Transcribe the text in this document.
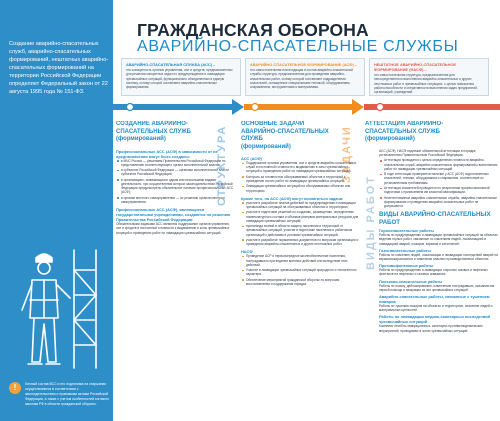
Создание аварийно-спасательных служб, аварийно-спасательных формирований, нештатных аварийно-спасательных формирований на территории Российской Федерации определяет Федеральный закон от 22 августа 1995 года № 151-ФЗ.
!	Личный состав ВСС и его подготовка на старшинах осуществляются в соответствии с законодательством и правовыми актами Российской Федерации, а также с учетом особенностей согласно законам РФ в области гражданской обороны.
ГРАЖДАНСКАЯ ОБОРОНА
АВАРИЙНО-СПАСАТЕЛЬНЫЕ СЛУЖБЫ
АВАРИЙНО-СПАСАТЕЛЬНАЯ СЛУЖБА (АСС) –
это совокупность органов управления, сил и средств, предназначенных для решения конкретных задач по предупреждению и ликвидации чрезвычайных ситуаций, функционально объединенных в единую систему, основу которой составляют аварийно-спасательные формирования.
АВАРИЙНО-СПАСАТЕЛЬНОЕ ФОРМИРОВАНИЕ (АСФ) –
это самостоятельная или входящая в состав аварийно-спасательной службы структура, предназначенная для проведения аварийно-спасательных работ, основу которой составляют подразделения спасателей, оснащенные специальными техникой, оборудованием, снаряжением, инструментами и материалами.
НЕШТАТНОЕ АВАРИЙНО-СПАСАТЕЛЬНОЕ ФОРМИРОВАНИЕ (НАСФ) –
это самостоятельная структура, предназначенная для непосредственного выполнения аварийно-спасательных и других неотложных работ в чрезвычайных ситуациях, с целью повышения работоспособности и оперативности выполнения задач предприятий, организаций, учреждений.
СТРУКТУРА	ЗАДАЧИ
ВИДЫ РАБОТ
СОЗДАНИЕ АВАРИЙНО-СПАСАТЕЛЬНЫХ СЛУЖБ
(формирований)
Профессиональные АСС (АСФ) в зависимости от их предназначения могут быть созданы:
в МЧС России — решением Правительства Российской Федерации по представлению соответствующего органа исполнительной власти;
в субъектах Российской Федерации — органами исполнительной власти субъектов Российской Федерации;
в организациях, занимающихся одним или несколькими видами деятельности, при осуществлении которых законодательством Российской Федерации предусмотрено обязательное наличие профессиональных АСС (АСФ);
в органах местного самоуправления — по решению органов местного самоуправления.
Профессиональные АСС (АСФ), являющиеся государственными учреждениями, создаются по решению Правительства Российской Федерации.
Обязательными задачами АСС являются поддержание органов управления, сил и средств в постоянной готовности к выдвижению в зоны чрезвычайных ситуаций и проведению работ по ликвидации чрезвычайных ситуаций.
ОСНОВНЫЕ ЗАДАЧИ АВАРИЙНО-СПАСАТЕЛЬНЫХ СЛУЖБ
(формирований)
АСС (АСФ)
Поддержание органов управления, сил и средств аварийно-спасательных служб в постоянной готовности к выдвижению в зоны чрезвычайных ситуаций и проведению работ по ликвидации чрезвычайных ситуаций.
Контроль за готовностью обслуживаемых объектов и территорий к проведению на них работ по ликвидации чрезвычайных ситуаций.
Ликвидация чрезвычайных ситуаций на обслуживаемых объектах или территориях.
Кроме того, на АСС (АСФ) могут возлагаться задачи:
участие в разработке планов действий по предупреждению и ликвидации чрезвычайных ситуаций на обслуживаемых объектах и территориях;
участие в подготовке решений по созданию, размещению, определению номенклатурного состава и объемов резервов материальных ресурсов для ликвидации чрезвычайных ситуаций;
пропаганда знаний в области защиты населения и территорий от чрезвычайных ситуаций, участие в подготовке населения и работников организаций к действиям в условиях чрезвычайных ситуаций;
участие в разработке нормативных документов по вопросам организации и проведения аварийно-спасательных и других неотложных работ.
НАСФ
Проведение АСР и первоочередное жизнеобеспечение населения, пострадавшего при ведении военных действий или вследствие этих действий.
Участие в ликвидации чрезвычайных ситуаций природного и техногенного характера.
Обеспечение мероприятий гражданской обороны по вопросам восстановления и поддержания порядка.
АТТЕСТАЦИЯ АВАРИЙНО-СПАСАТЕЛЬНЫХ СЛУЖБ
(формирований)
АСС (АСФ), НАСФ подлежат обязательной аттестации в порядке, установленном Правительством Российской Федерации.
Аттестация проводится с целью определения готовности аварийно-спасательных служб, аварийно-спасательных формирований к выполнению работ по ликвидации чрезвычайных ситуаций.
В ходе аттестации проверяется наличие у АСС (АСФ) подготовленных спасателей, техники, оборудования и снаряжения, соответствие их установленным требованиям.
Аттестация спасателей проводится по результатам профессиональной подготовки с присвоением им классной квалификации.
Неаттестованные аварийно-спасательные службы, аварийно-спасательные формирования к проведению аварийно-спасательных работ не допускаются.
ВИДЫ АВАРИЙНО-СПАСАТЕЛЬНЫХ РАБОТ
Горноспасательные работы
Работы по предупреждению и ликвидации чрезвычайных ситуаций на объектах ведения горных работ, связанные со спасением людей, локализацией и ликвидацией аварий, пожаров, взрывов и затоплений.
Газоспасательные работы
Работы по спасению людей, локализации и ликвидации последствий аварий на взрывопожароопасных и химически опасных производственных объектах.
Противофонтанные работы
Работы по предупреждению и ликвидации открытых газовых и нефтяных фонтанов на нефтяных и газовых скважинах.
Поисково-спасательные работы
Работы по поиску, деблокированию, извлечению пострадавших, оказанию им первой помощи и эвакуации из зон чрезвычайных ситуаций.
Аварийно-спасательные работы, связанные с тушением пожаров
Работы по тушению пожаров на объектах и территориях, спасению людей и материальных ценностей.
Работы по ликвидации медико-санитарных последствий чрезвычайных ситуаций
Комплекс лечебно-эвакуационных, санитарно-противоэпидемических мероприятий, проводимых в зонах чрезвычайных ситуаций.
